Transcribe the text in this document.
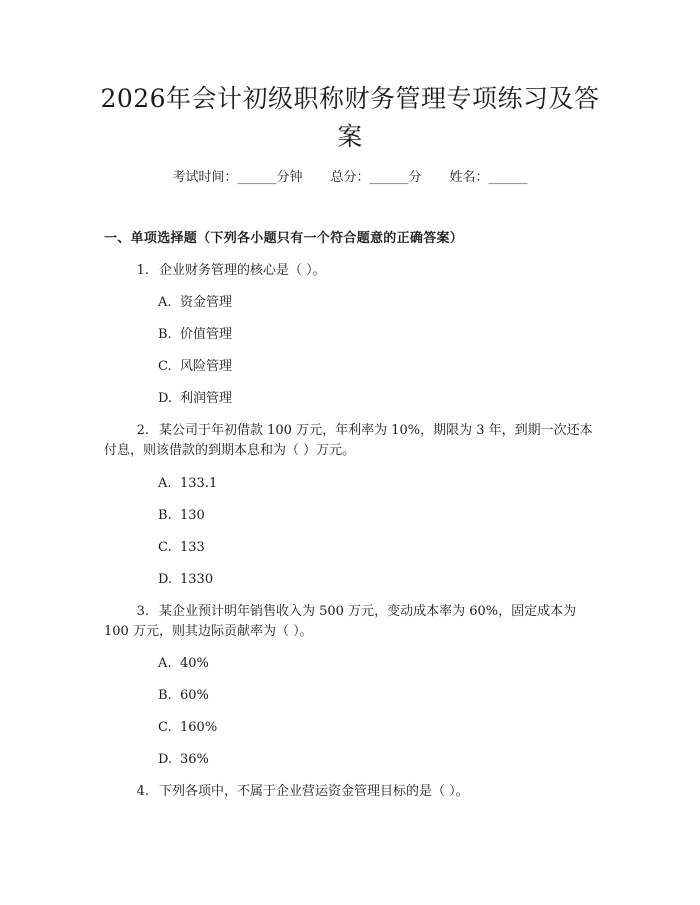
2026年会计初级职称财务管理专项练习及答案
考试时间：______分钟 总分：______分 姓名：______
一、单项选择题（下列各小题只有一个符合题意的正确答案）
1. 企业财务管理的核心是（ ）。
A. 资金管理
B. 价值管理
C. 风险管理
D. 利润管理
2. 某公司于年初借款 100 万元，年利率为 10%，期限为 3 年，到期一次还本
付息，则该借款的到期本息和为（ ）万元。
A. 133.1
B. 130
C. 133
D. 1330
3. 某企业预计明年销售收入为 500 万元，变动成本率为 60%，固定成本为
100 万元，则其边际贡献率为（ ）。
A. 40%
B. 60%
C. 160%
D. 36%
4. 下列各项中，不属于企业营运资金管理目标的是（ ）。
